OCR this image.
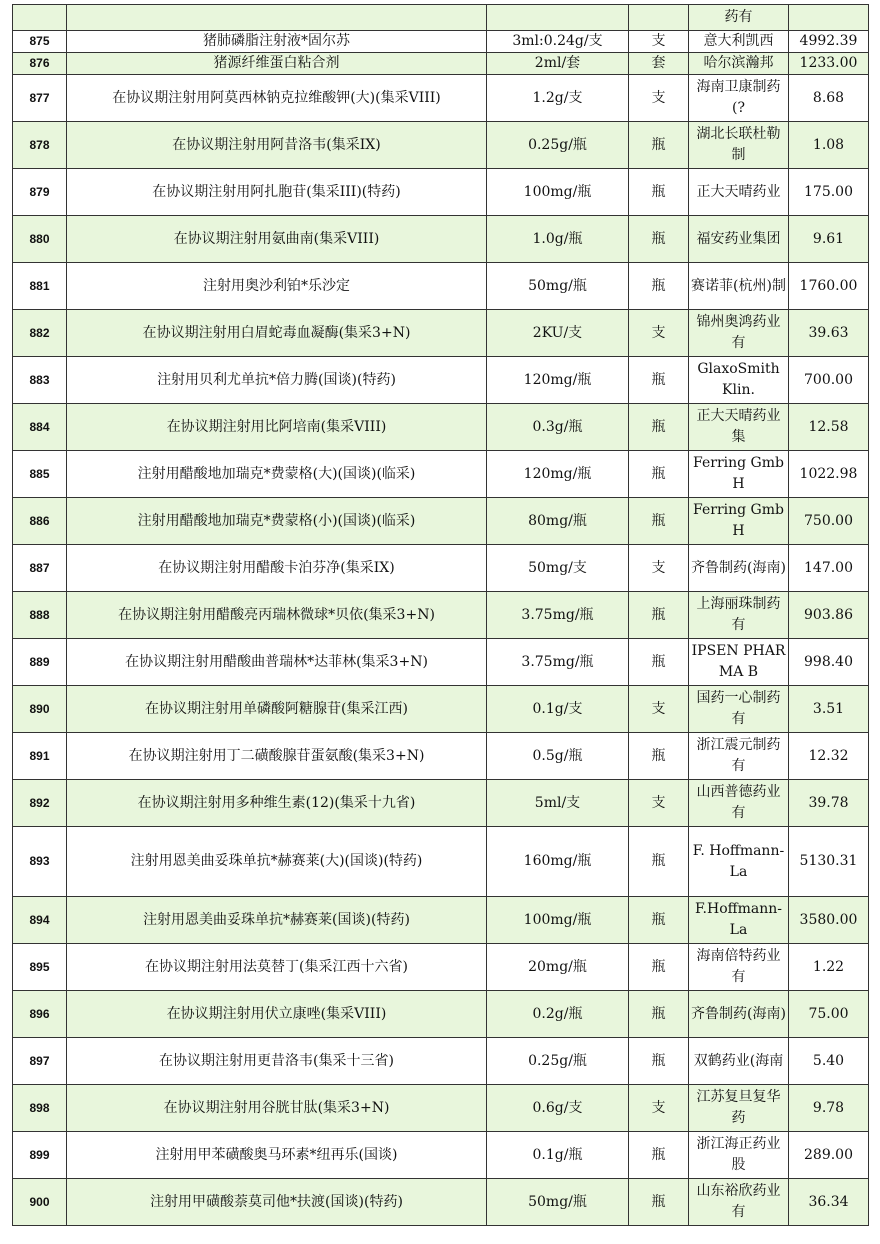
				药有	
875	猪肺磷脂注射液*固尔苏	3ml:0.24g/支	支	意大利凯西	4992.39
876	猪源纤维蛋白粘合剂	2ml/套	套	哈尔滨瀚邦	1233.00
877	在协议期注射用阿莫西林钠克拉维酸钾(大)(集采VIII)	1.2g/支	支	海南卫康制药(?	8.68
878	在协议期注射用阿昔洛韦(集采IX)	0.25g/瓶	瓶	湖北长联杜勒制	1.08
879	在协议期注射用阿扎胞苷(集采III)(特药)	100mg/瓶	瓶	正大天晴药业	175.00
880	在协议期注射用氨曲南(集采VIII)	1.0g/瓶	瓶	福安药业集团	9.61
881	注射用奥沙利铂*乐沙定	50mg/瓶	瓶	赛诺菲(杭州)制	1760.00
882	在协议期注射用白眉蛇毒血凝酶(集采3+N)	2KU/支	支	锦州奥鸿药业有	39.63
883	注射用贝利尤单抗*倍力腾(国谈)(特药)	120mg/瓶	瓶	GlaxoSmith Klin.	700.00
884	在协议期注射用比阿培南(集采VIII)	0.3g/瓶	瓶	正大天晴药业集	12.58
885	注射用醋酸地加瑞克*费蒙格(大)(国谈)(临采)	120mg/瓶	瓶	Ferring GmbH	1022.98
886	注射用醋酸地加瑞克*费蒙格(小)(国谈)(临采)	80mg/瓶	瓶	Ferring GmbH	750.00
887	在协议期注射用醋酸卡泊芬净(集采IX)	50mg/支	支	齐鲁制药(海南)	147.00
888	在协议期注射用醋酸亮丙瑞林微球*贝依(集采3+N)	3.75mg/瓶	瓶	上海丽珠制药有	903.86
889	在协议期注射用醋酸曲普瑞林*达菲林(集采3+N)	3.75mg/瓶	瓶	IPSEN PHARMA B	998.40
890	在协议期注射用单磷酸阿糖腺苷(集采江西)	0.1g/支	支	国药一心制药有	3.51
891	在协议期注射用丁二磺酸腺苷蛋氨酸(集采3+N)	0.5g/瓶	瓶	浙江震元制药有	12.32
892	在协议期注射用多种维生素(12)(集采十九省)	5ml/支	支	山西普德药业有	39.78
893	注射用恩美曲妥珠单抗*赫赛莱(大)(国谈)(特药)	160mg/瓶	瓶	F. Hoffmann-La	5130.31
894	注射用恩美曲妥珠单抗*赫赛莱(国谈)(特药)	100mg/瓶	瓶	F.Hoffmann-La	3580.00
895	在协议期注射用法莫替丁(集采江西十六省)	20mg/瓶	瓶	海南倍特药业有	1.22
896	在协议期注射用伏立康唑(集采VIII)	0.2g/瓶	瓶	齐鲁制药(海南)	75.00
897	在协议期注射用更昔洛韦(集采十三省)	0.25g/瓶	瓶	双鹤药业(海南	5.40
898	在协议期注射用谷胱甘肽(集采3+N)	0.6g/支	支	江苏复旦复华药	9.78
899	注射用甲苯磺酸奥马环素*纽再乐(国谈)	0.1g/瓶	瓶	浙江海正药业股	289.00
900	注射用甲磺酸萘莫司他*扶渡(国谈)(特药)	50mg/瓶	瓶	山东裕欣药业有	36.34
